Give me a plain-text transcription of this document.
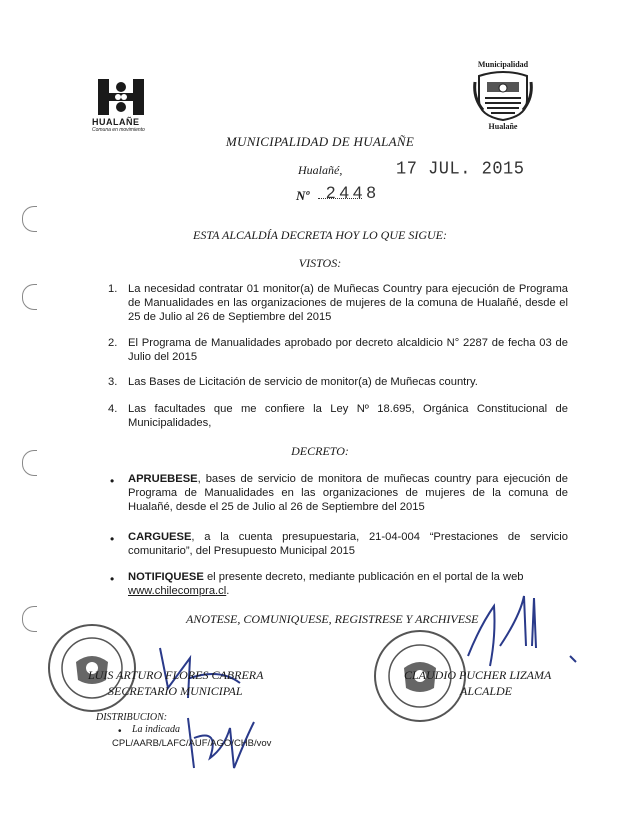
HUALAÑE
Comuna en movimiento
Municipalidad
Hualañe
MUNICIPALIDAD DE HUALAÑE
Hualañé,	17 JUL. 2015
Nº 2448
ESTA ALCALDÍA DECRETA HOY LO QUE SIGUE:
VISTOS:
1. La necesidad contratar 01 monitor(a) de Muñecas Country para ejecución de Programa de Manualidades en las organizaciones de mujeres de la comuna de Hualañé, desde el 25 de Julio al 26 de Septiembre del 2015
2. El Programa de Manualidades aprobado por decreto alcaldicio N° 2287 de fecha 03 de Julio del 2015
3. Las Bases de Licitación de servicio de monitor(a) de Muñecas country.
4. Las facultades que me confiere la Ley Nº 18.695, Orgánica Constitucional de Municipalidades,
DECRETO:
• APRUEBESE, bases de servicio de monitora de muñecas country para ejecución de Programa de Manualidades en las organizaciones de mujeres de la comuna de Hualañé, desde el 25 de Julio al 26 de Septiembre del 2015
• CARGUESE, a la cuenta presupuestaria, 21-04-004 “Prestaciones de servicio comunitario”, del Presupuesto Municipal 2015
• NOTIFIQUESE el presente decreto, mediante publicación en el portal de la web
www.chilecompra.cl.
ANOTESE, COMUNIQUESE, REGISTRESE Y ARCHIVESE
LUIS ARTURO FLORES CABRERA
SECRETARIO MUNICIPAL
CLAUDIO PUCHER LIZAMA
ALCALDE
DISTRIBUCION:
• La indicada
CPL/AARB/LAFC/AUF/AGO/CHB/vov
